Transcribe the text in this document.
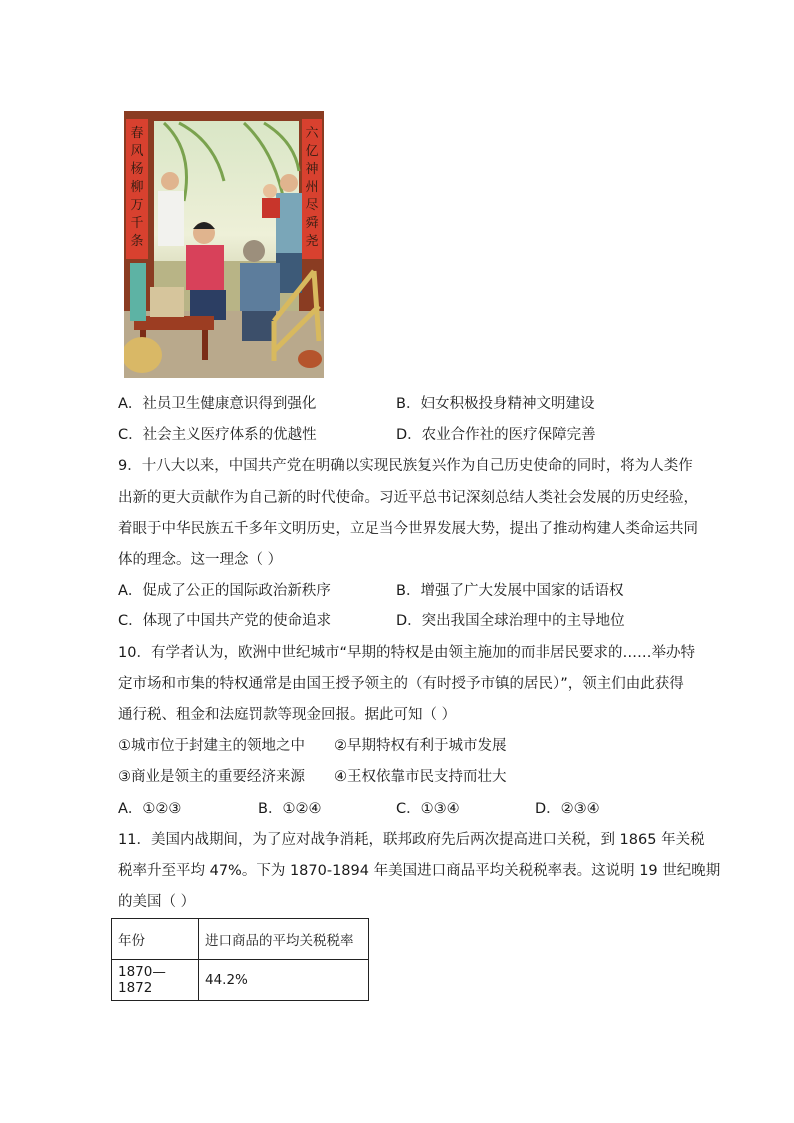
春
风
杨
柳
万
千
条
六
亿
神
州
尽
舜
尧
A．社员卫生健康意识得到强化	B．妇女积极投身精神文明建设
C．社会主义医疗体系的优越性	D．农业合作社的医疗保障完善
9．十八大以来，中国共产党在明确以实现民族复兴作为自己历史使命的同时，将为人类作
出新的更大贡献作为自己新的时代使命。习近平总书记深刻总结人类社会发展的历史经验，
着眼于中华民族五千多年文明历史，立足当今世界发展大势，提出了推动构建人类命运共同
体的理念。这一理念（ ）
A．促成了公正的国际政治新秩序	B．增强了广大发展中国家的话语权
C．体现了中国共产党的使命追求	D．突出我国全球治理中的主导地位
10．有学者认为，欧洲中世纪城市“早期的特权是由领主施加的而非居民要求的……举办特
定市场和市集的特权通常是由国王授予领主的（有时授予市镇的居民）”，领主们由此获得
通行税、租金和法庭罚款等现金回报。据此可知（ ）
①城市位于封建主的领地之中 ②早期特权有利于城市发展
③商业是领主的重要经济来源 ④王权依靠市民支持而壮大
A．①②③	B．①②④	C．①③④	D．②③④
11．美国内战期间，为了应对战争消耗，联邦政府先后两次提高进口关税，到 1865 年关税
税率升至平均 47%。下为 1870-1894 年美国进口商品平均关税税率表。这说明 19 世纪晚期
的美国（ ）
年份	进口商品的平均关税税率
1870—1872	44.2%
